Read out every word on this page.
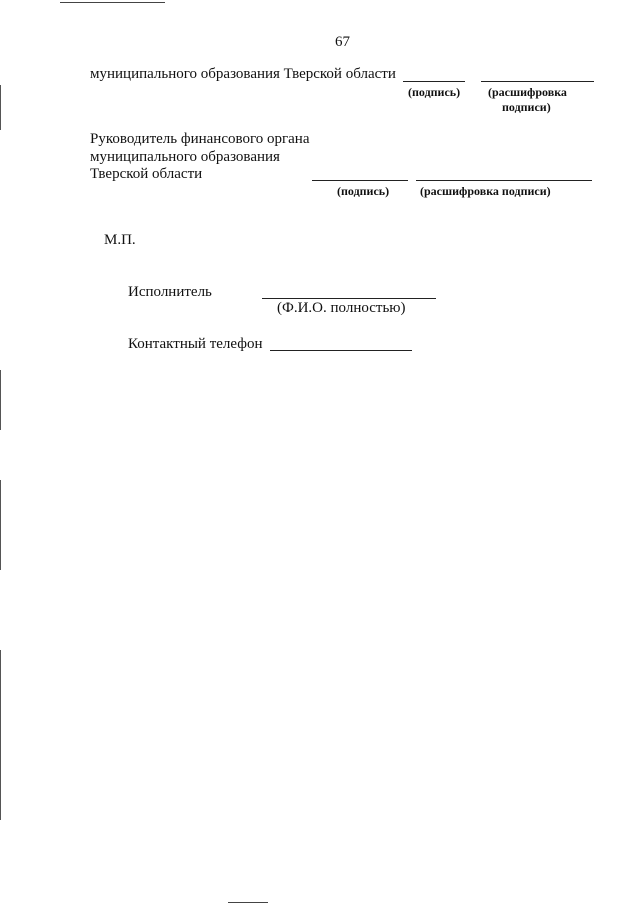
67
муниципального образования Тверской области
(подпись) (расшифровка
подписи)
Руководитель финансового органа
муниципального образования
Тверской области
(подпись)	(расшифровка подписи)
М.П.
Исполнитель
(Ф.И.О. полностью)
Контактный телефон
